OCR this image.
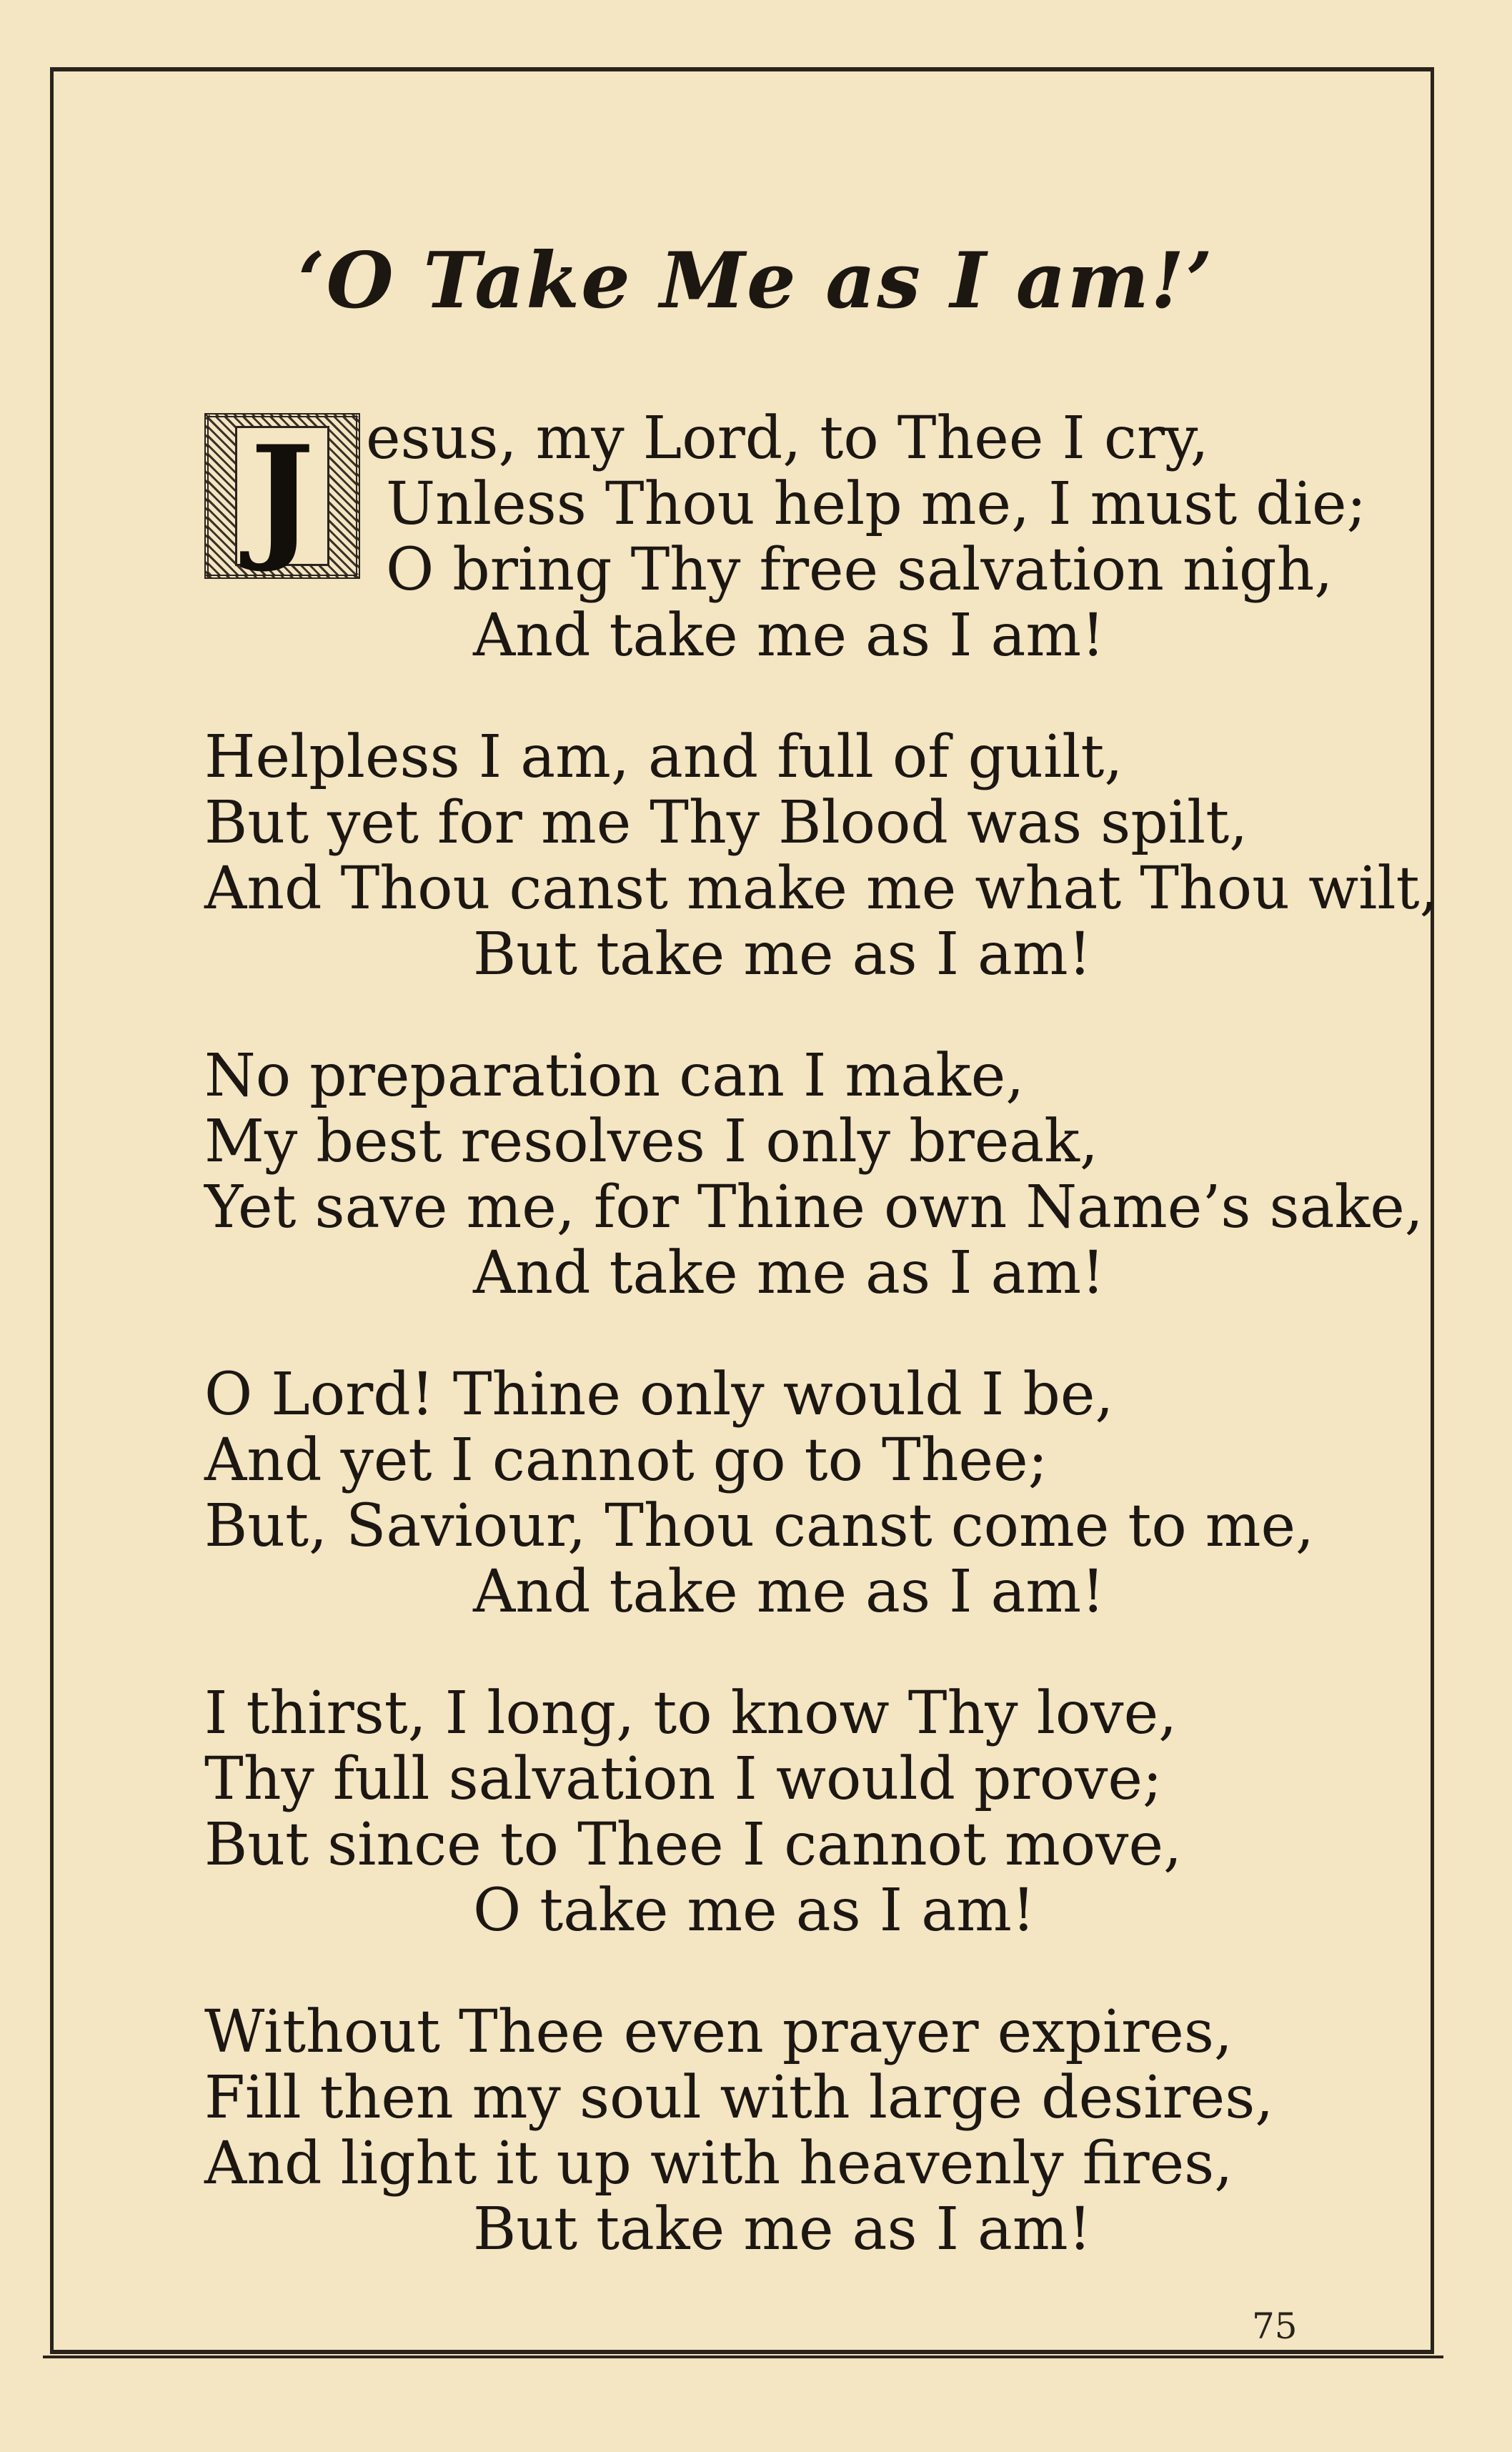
‘O Take Me as I am!’
J esus, my Lord, to Thee I cry,
Unless Thou help me, I must die;
O bring Thy free salvation nigh,
And take me as I am!
Helpless I am, and full of guilt,
But yet for me Thy Blood was spilt,
And Thou canst make me what Thou wilt,
But take me as I am!
No preparation can I make,
My best resolves I only break,
Yet save me, for Thine own Name’s sake,
And take me as I am!
O Lord! Thine only would I be,
And yet I cannot go to Thee;
But, Saviour, Thou canst come to me,
And take me as I am!
I thirst, I long, to know Thy love,
Thy full salvation I would prove;
But since to Thee I cannot move,
O take me as I am!
Without Thee even prayer expires,
Fill then my soul with large desires,
And light it up with heavenly fires,
But take me as I am!
75
